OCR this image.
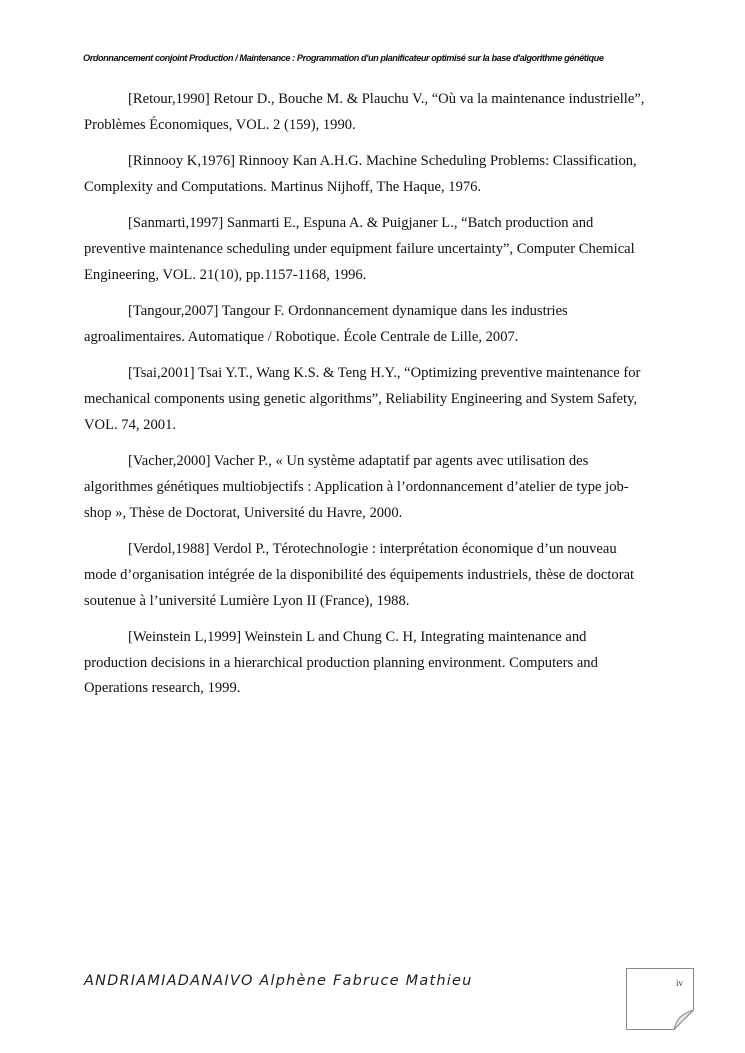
Ordonnancement conjoint Production / Maintenance : Programmation d'un planificateur optimisé sur la base d'algorithme génétique

[Retour,1990] Retour D., Bouche M. & Plauchu V., “Où va la maintenance industrielle”, Problèmes Économiques, VOL. 2 (159), 1990.

[Rinnooy K,1976] Rinnooy Kan A.H.G. Machine Scheduling Problems: Classification, Complexity and Computations. Martinus Nijhoff, The Haque, 1976.

[Sanmarti,1997] Sanmarti E., Espuna A. & Puigjaner L., “Batch production and preventive maintenance scheduling under equipment failure uncertainty”, Computer Chemical Engineering, VOL. 21(10), pp.1157-1168, 1996.

[Tangour,2007] Tangour F. Ordonnancement dynamique dans les industries agroalimentaires. Automatique / Robotique. École Centrale de Lille, 2007.

[Tsai,2001] Tsai Y.T., Wang K.S. & Teng H.Y., “Optimizing preventive maintenance for mechanical components using genetic algorithms”, Reliability Engineering and System Safety, VOL. 74, 2001.

[Vacher,2000] Vacher P., « Un système adaptatif par agents avec utilisation des algorithmes génétiques multiobjectifs : Application à l’ordonnancement d’atelier de type job-shop », Thèse de Doctorat, Université du Havre, 2000.

[Verdol,1988] Verdol P., Térotechnologie : interprétation économique d’un nouveau mode d’organisation intégrée de la disponibilité des équipements industriels, thèse de doctorat soutenue à l’université Lumière Lyon II (France), 1988.

[Weinstein L,1999] Weinstein L and Chung C. H, Integrating maintenance and production decisions in a hierarchical production planning environment. Computers and Operations research, 1999.

ANDRIAMIADANAIVO Alphène Fabruce Mathieu	iv
